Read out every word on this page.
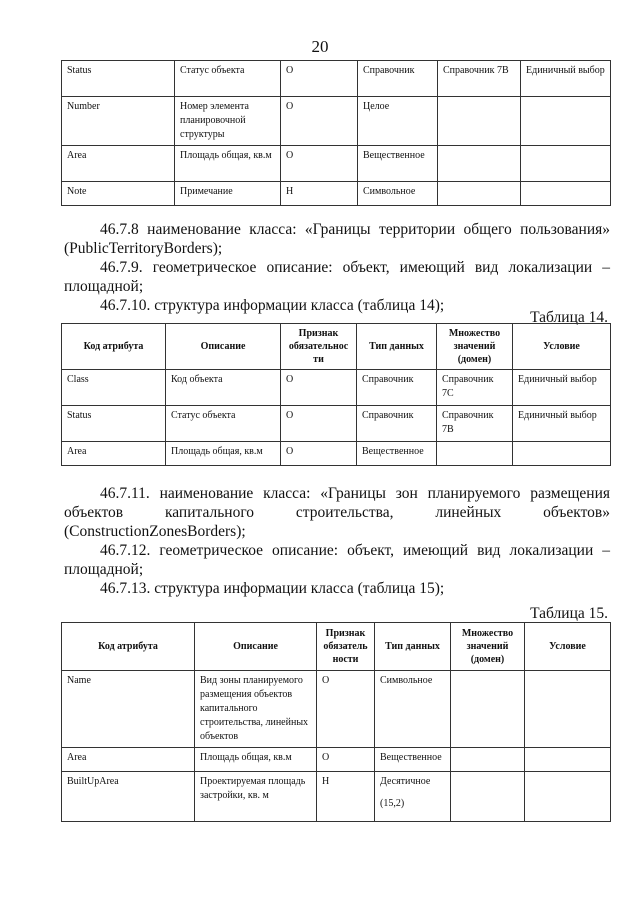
20
Status	Статус объекта	О	Справочник	Справочник 7В	Единичный выбор
Number	Номер элемента планировочной структуры	О	Целое		
Area	Площадь общая, кв.м	О	Вещественное		
Note	Примечание	Н	Символьное		
46.7.8 наименование класса: «Границы территории общего пользования»
(PublicTerritoryBorders);
46.7.9. геометрическое описание: объект, имеющий вид локализации –
площадной;
46.7.10. структура информации класса (таблица 14);
Таблица 14.
Код атрибута	Описание	Признак обязательнос ти	Тип данных	Множество значений (домен)	Условие
Class	Код объекта	О	Справочник	Справочник 7С	Единичный выбор
Status	Статус объекта	О	Справочник	Справочник 7В	Единичный выбор
Area	Площадь общая, кв.м	О	Вещественное		
46.7.11. наименование класса: «Границы зон планируемого размещения
объектов капитального строительства, линейных объектов»
(ConstructionZonesBorders);
46.7.12. геометрическое описание: объект, имеющий вид локализации –
площадной;
46.7.13. структура информации класса (таблица 15);
Таблица 15.
Код атрибута	Описание	Признак обязатель ности	Тип данных	Множество значений (домен)	Условие
Name	Вид зоны планируемого размещения объектов капитального строительства, линейных объектов	О	Символьное		
Area	Площадь общая, кв.м	О	Вещественное		
BuiltUpArea	Проектируемая площадь застройки, кв. м	Н	Десятичное
(15,2)		
